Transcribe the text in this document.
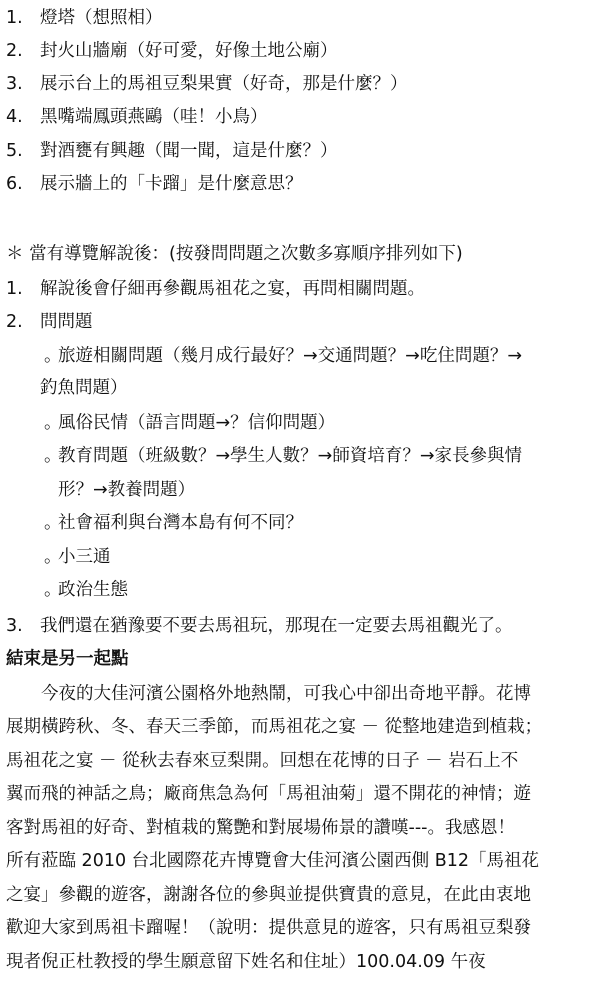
1. 燈塔（想照相）
2. 封火山牆廟（好可愛，好像土地公廟）
3. 展示台上的馬祖豆梨果實（好奇，那是什麼？）
4. 黑嘴端鳳頭燕鷗（哇！小鳥）
5. 對酒甕有興趣（聞一聞，這是什麼？）
6. 展示牆上的「卡蹓」是什麼意思？
＊ 當有導覽解說後：(按發問問題之次數多寡順序排列如下)
1. 解說後會仔細再參觀馬祖花之宴，再問相關問題。
2. 問問題
。
旅遊相關問題（幾月成行最好？→交通問題？→吃住問題？→
釣魚問題）
。
風俗民情（語言問題→？信仰問題）
。
教育問題（班級數？→學生人數？→師資培育？→家長參與情
形？→教養問題）
。
社會福利與台灣本島有何不同？
。
小三通
。
政治生態
3. 我們還在猶豫要不要去馬祖玩，那現在一定要去馬祖觀光了。
結束是另一起點
　　今夜的大佳河濱公園格外地熱鬧，可我心中卻出奇地平靜。花博
展期橫跨秋、冬、春天三季節，而馬祖花之宴 － 從整地建造到植栽；
馬祖花之宴 － 從秋去春來豆梨開。回想在花博的日子 － 岩石上不
翼而飛的神話之鳥；廠商焦急為何「馬祖油菊」還不開花的神情；遊
客對馬祖的好奇、對植栽的驚艷和對展場佈景的讚嘆---。我感恩！
所有蒞臨 2010 台北國際花卉博覽會大佳河濱公園西側 B12「馬祖花
之宴」參觀的遊客，謝謝各位的參與並提供寶貴的意見，在此由衷地
歡迎大家到馬祖卡蹓喔！（說明：提供意見的遊客，只有馬祖豆梨發
現者倪正杜教授的學生願意留下姓名和住址）100.04.09 午夜
